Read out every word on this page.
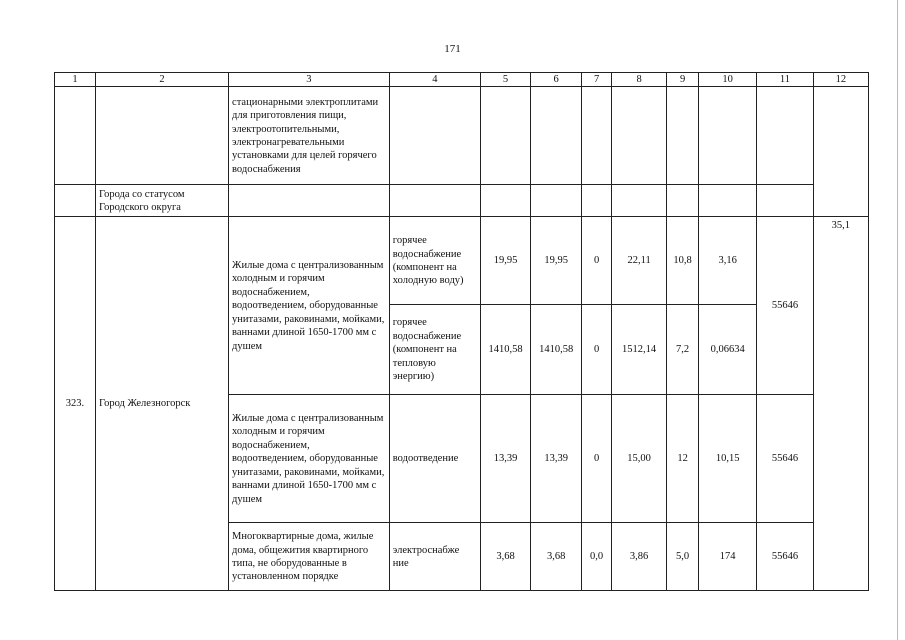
171
1	2	3	4	5	6	7	8	9	10	11	12
		стационарными электроплитами для приготовления пищи, электроотопительными, электронагревательными установками для целей горячего водоснабжения									
	Города со статусом Городского округа										
323.	Город Железногорск	Жилые дома с централизованным холодным и горячим водоснабжением, водоотведением, оборудованные унитазами, раковинами, мойками, ваннами длиной 1650-1700 мм с душем	горячее водоснабжение (компонент на холодную воду)	19,95	19,95	0	22,11	10,8	3,16	55646	35,1
			горячее водоснабжение (компонент на тепловую энергию)	1410,58	1410,58	0	1512,14	7,2	0,06634		
		Жилые дома с централизованным холодным и горячим водоснабжением, водоотведением, оборудованные унитазами, раковинами, мойками, ваннами длиной 1650-1700 мм с душем	водоотведение	13,39	13,39	0	15,00	12	10,15	55646	
		Многоквартирные дома, жилые дома, общежития квартирного типа, не оборудованные в установленном порядке	электроснабже ние	3,68	3,68	0,0	3,86	5,0	174	55646	
